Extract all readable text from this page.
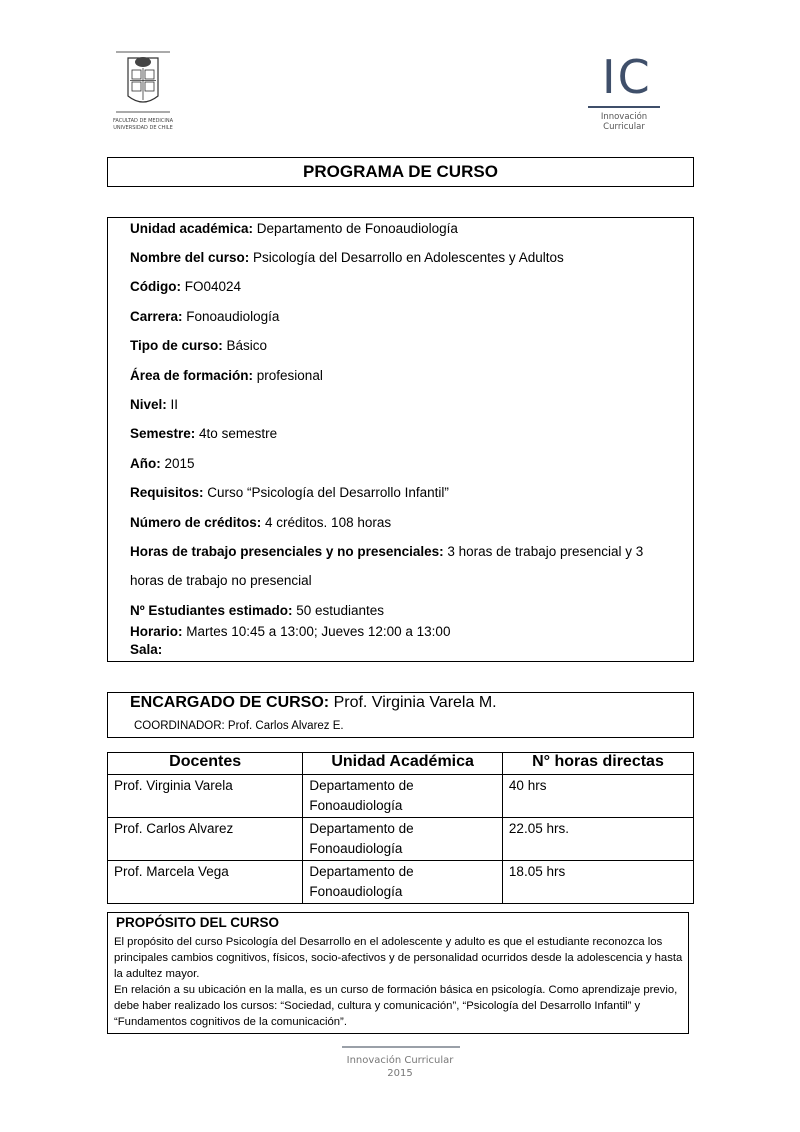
FACULTAD DE MEDICINA
UNIVERSIDAD DE CHILE
IC
Innovación
Curricular
PROGRAMA DE CURSO
Unidad académica: Departamento de Fonoaudiología
Nombre del curso: Psicología del Desarrollo en Adolescentes y Adultos
Código: FO04024
Carrera: Fonoaudiología
Tipo de curso: Básico
Área de formación: profesional
Nivel: II
Semestre: 4to semestre
Año: 2015
Requisitos: Curso “Psicología del Desarrollo Infantil”
Número de créditos: 4 créditos. 108 horas
Horas de trabajo presenciales y no presenciales: 3 horas de trabajo presencial y 3
horas de trabajo no presencial
Nº Estudiantes estimado: 50 estudiantes
Horario: Martes 10:45 a 13:00; Jueves 12:00 a 13:00
Sala:
ENCARGADO DE CURSO: Prof. Virginia Varela M.
COORDINADOR: Prof. Carlos Alvarez E.
Docentes	Unidad Académica	N° horas directas
Prof. Virginia Varela	Departamento de Fonoaudiología	40 hrs
Prof. Carlos Alvarez	Departamento de Fonoaudiología	22.05 hrs.
Prof. Marcela Vega	Departamento de Fonoaudiología	18.05 hrs
PROPÓSITO DEL CURSO
El propósito del curso Psicología del Desarrollo en el adolescente y adulto es que el estudiante reconozca los principales cambios cognitivos, físicos, socio-afectivos y de personalidad ocurridos desde la adolescencia y hasta la adultez mayor.
En relación a su ubicación en la malla, es un curso de formación básica en psicología. Como aprendizaje previo, debe haber realizado los cursos: “Sociedad, cultura y comunicación”, “Psicología del Desarrollo Infantil” y “Fundamentos cognitivos de la comunicación”.
Innovación Curricular
2015
